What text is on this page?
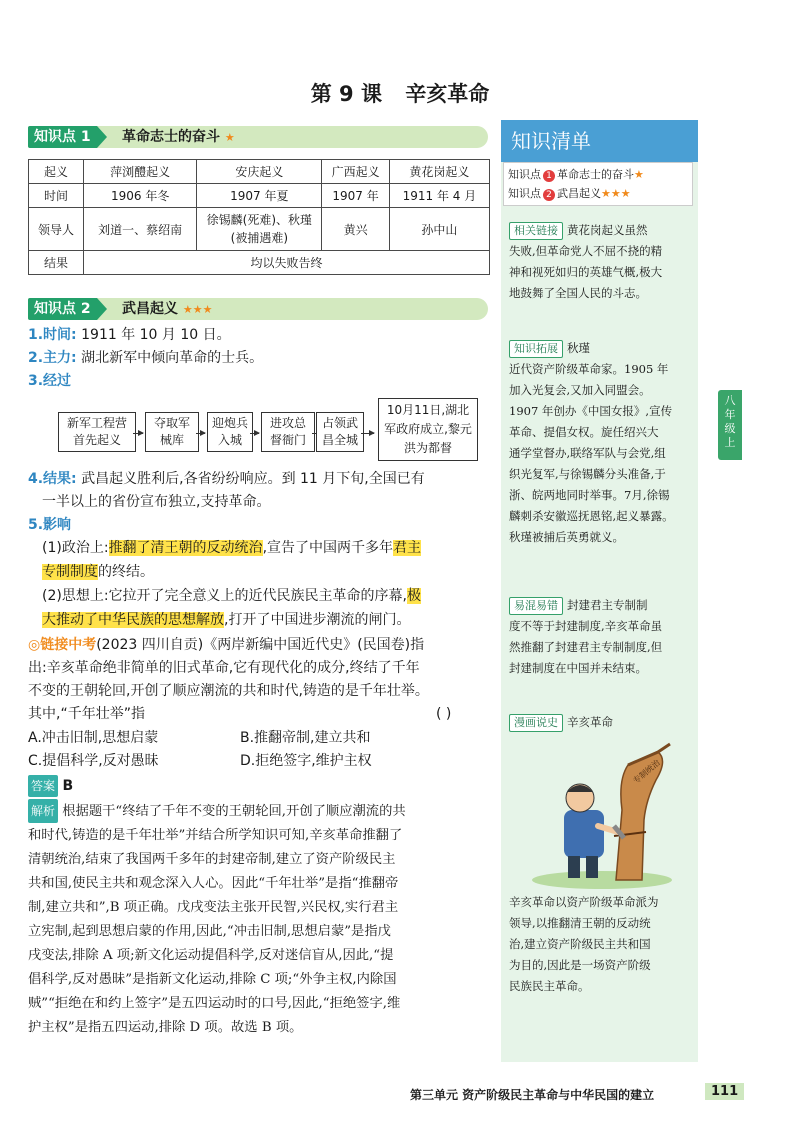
第 9 课 辛亥革命
知识点 1	革命志士的奋斗 ★
起义	萍浏醴起义	安庆起义	广西起义	黄花岗起义
时间	1906 年冬	1907 年夏	1907 年	1911 年 4 月
领导人	刘道一、蔡绍南	徐锡麟(死难)、秋瑾(被捕遇难)	黄兴	孙中山
结果	均以失败告终			
知识点 2	武昌起义 ★★★
1.时间: 1911 年 10 月 10 日。
2.主力: 湖北新军中倾向革命的士兵。
3.经过
新军工程营首先起义
夺取军械库
迎炮兵入城
进攻总督衙门
占领武昌全城
10月11日,湖北军政府成立,黎元洪为都督
4.结果: 武昌起义胜利后,各省纷纷响应。到 11 月下旬,全国已有
一半以上的省份宣布独立,支持革命。
5.影响
(1)政治上:推翻了清王朝的反动统治,宣告了中国两千多年君主
专制制度的终结。
(2)思想上:它拉开了完全意义上的近代民族民主革命的序幕,极
大推动了中华民族的思想解放,打开了中国进步潮流的闸门。
◎链接中考(2023 四川自贡)《两岸新编中国近代史》(民国卷)指
出:辛亥革命绝非简单的旧式革命,它有现代化的成分,终结了千年
不变的王朝轮回,开创了顺应潮流的共和时代,铸造的是千年壮举。
其中,“千年壮举”指	( )
A.冲击旧制,思想启蒙	B.推翻帝制,建立共和
C.提倡科学,反对愚昧	D.拒绝签字,维护主权
答案 B
解析 根据题干“终结了千年不变的王朝轮回,开创了顺应潮流的共
和时代,铸造的是千年壮举”并结合所学知识可知,辛亥革命推翻了
清朝统治,结束了我国两千多年的封建帝制,建立了资产阶级民主
共和国,使民主共和观念深入人心。因此“千年壮举”是指“推翻帝
制,建立共和”,B 项正确。戊戌变法主张开民智,兴民权,实行君主
立宪制,起到思想启蒙的作用,因此,“冲击旧制,思想启蒙”是指戊
戌变法,排除 A 项;新文化运动提倡科学,反对迷信盲从,因此,“提
倡科学,反对愚昧”是指新文化运动,排除 C 项;“外争主权,内除国
贼”“拒绝在和约上签字”是五四运动时的口号,因此,“拒绝签字,维
护主权”是指五四运动,排除 D 项。故选 B 项。
知识清单
知识点 1 革命志士的奋斗★
知识点 2 武昌起义★★★
相关链接 黄花岗起义虽然
失败,但革命党人不屈不挠的精
神和视死如归的英雄气概,极大
地鼓舞了全国人民的斗志。
知识拓展 秋瑾
近代资产阶级革命家。1905 年
加入光复会,又加入同盟会。
1907 年创办《中国女报》,宣传
革命、提倡女权。旋任绍兴大
通学堂督办,联络军队与会党,组
织光复军,与徐锡麟分头准备,于
浙、皖两地同时举事。7月,徐锡
麟刺杀安徽巡抚恩铭,起义暴露。
秋瑾被捕后英勇就义。
易混易错 封建君主专制制
度不等于封建制度,辛亥革命虽
然推翻了封建君主专制制度,但
封建制度在中国并未结束。
漫画说史 辛亥革命
专制统治
辛亥革命以资产阶级革命派为
领导,以推翻清王朝的反动统
治,建立资产阶级民主共和国
为目的,因此是一场资产阶级
民族民主革命。
八
年
级
上
第三单元 资产阶级民主革命与中华民国的建立	111
